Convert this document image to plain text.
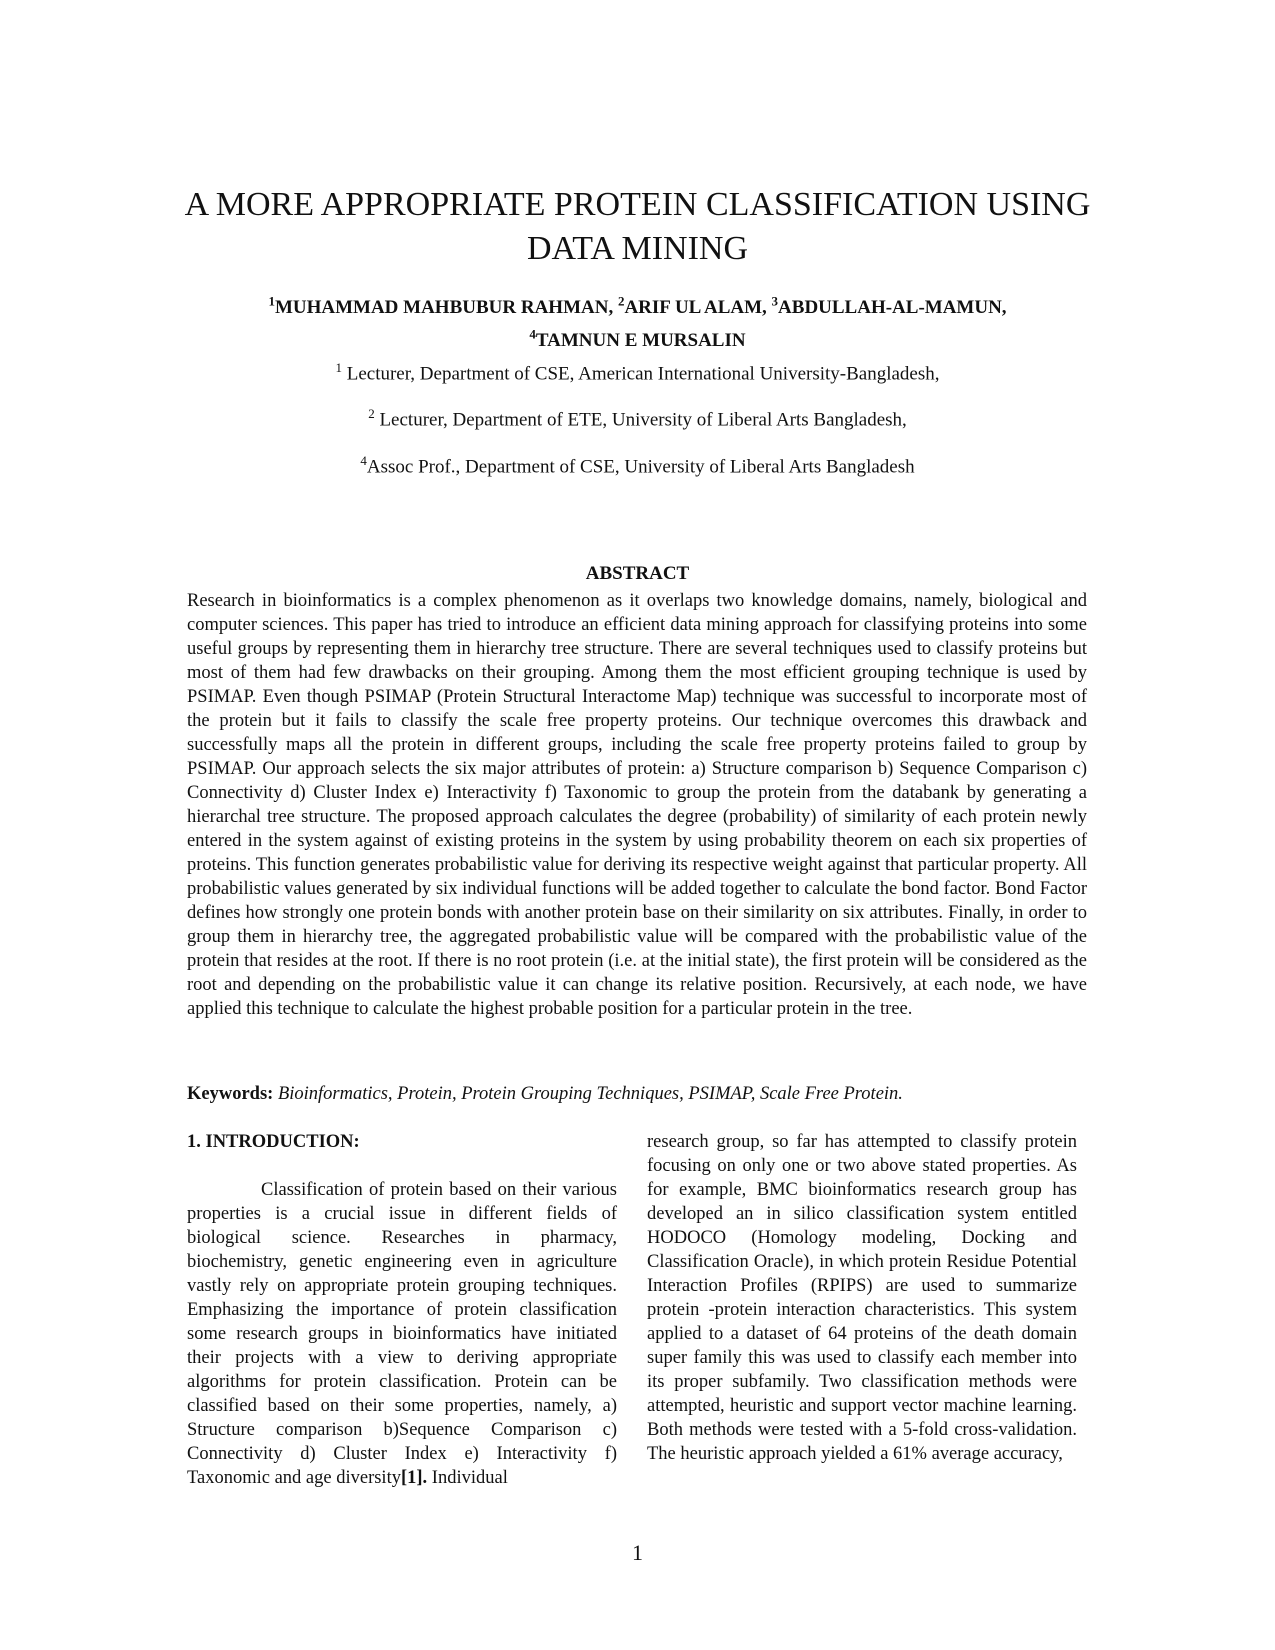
A MORE APPROPRIATE PROTEIN CLASSIFICATION USING DATA MINING
$^1$MUHAMMAD MAHBUBUR RAHMAN, $^2$ARIF UL ALAM, $^3$ABDULLAH-AL-MAMUN,
$^4$TAMNUN E MURSALIN

$^1$ Lecturer, Department of CSE, American International University-Bangladesh,

$^2$ Lecturer, Department of ETE, University of Liberal Arts Bangladesh,

$^4$Assoc Prof., Department of CSE, University of Liberal Arts Bangladesh

ABSTRACT

Research in bioinformatics is a complex phenomenon as it overlaps two knowledge domains, namely, biological and computer sciences. This paper has tried to introduce an efficient data mining approach for classifying proteins into some useful groups by representing them in hierarchy tree structure. There are several techniques used to classify proteins but most of them had few drawbacks on their grouping. Among them the most efficient grouping technique is used by PSIMAP. Even though PSIMAP (Protein Structural Interactome Map) technique was successful to incorporate most of the protein but it fails to classify the scale free property proteins. Our technique overcomes this drawback and successfully maps all the protein in different groups, including the scale free property proteins failed to group by PSIMAP. Our approach selects the six major attributes of protein: a) Structure comparison b) Sequence Comparison c) Connectivity d) Cluster Index e) Interactivity f) Taxonomic to group the protein from the databank by generating a hierarchal tree structure. The proposed approach calculates the degree (probability) of similarity of each protein newly entered in the system against of existing proteins in the system by using probability theorem on each six properties of proteins. This function generates probabilistic value for deriving its respective weight against that particular property. All probabilistic values generated by six individual functions will be added together to calculate the bond factor. Bond Factor defines how strongly one protein bonds with another protein base on their similarity on six attributes. Finally, in order to group them in hierarchy tree, the aggregated probabilistic value will be compared with the probabilistic value of the protein that resides at the root. If there is no root protein (i.e. at the initial state), the first protein will be considered as the root and depending on the probabilistic value it can change its relative position. Recursively, at each node, we have applied this technique to calculate the highest probable position for a particular protein in the tree.

Keywords: Bioinformatics, Protein, Protein Grouping Techniques, PSIMAP, Scale Free Protein.

1. INTRODUCTION:

Classification of protein based on their various properties is a crucial issue in different fields of biological science. Researches in pharmacy, biochemistry, genetic engineering even in agriculture vastly rely on appropriate protein grouping techniques. Emphasizing the importance of protein classification some research groups in bioinformatics have initiated their projects with a view to deriving appropriate algorithms for protein classification. Protein can be classified based on their some properties, namely, a) Structure comparison b)Sequence Comparison c) Connectivity d) Cluster Index e) Interactivity f) Taxonomic and age diversity[1]. Individual

research group, so far has attempted to classify protein focusing on only one or two above stated properties. As for example, BMC bioinformatics research group has developed an in silico classification system entitled HODOCO (Homology modeling, Docking and Classification Oracle), in which protein Residue Potential Interaction Profiles (RPIPS) are used to summarize protein -protein interaction characteristics. This system applied to a dataset of 64 proteins of the death domain super family this was used to classify each member into its proper subfamily. Two classification methods were attempted, heuristic and support vector machine learning. Both methods were tested with a 5-fold cross-validation. The heuristic approach yielded a 61% average accuracy,

1
